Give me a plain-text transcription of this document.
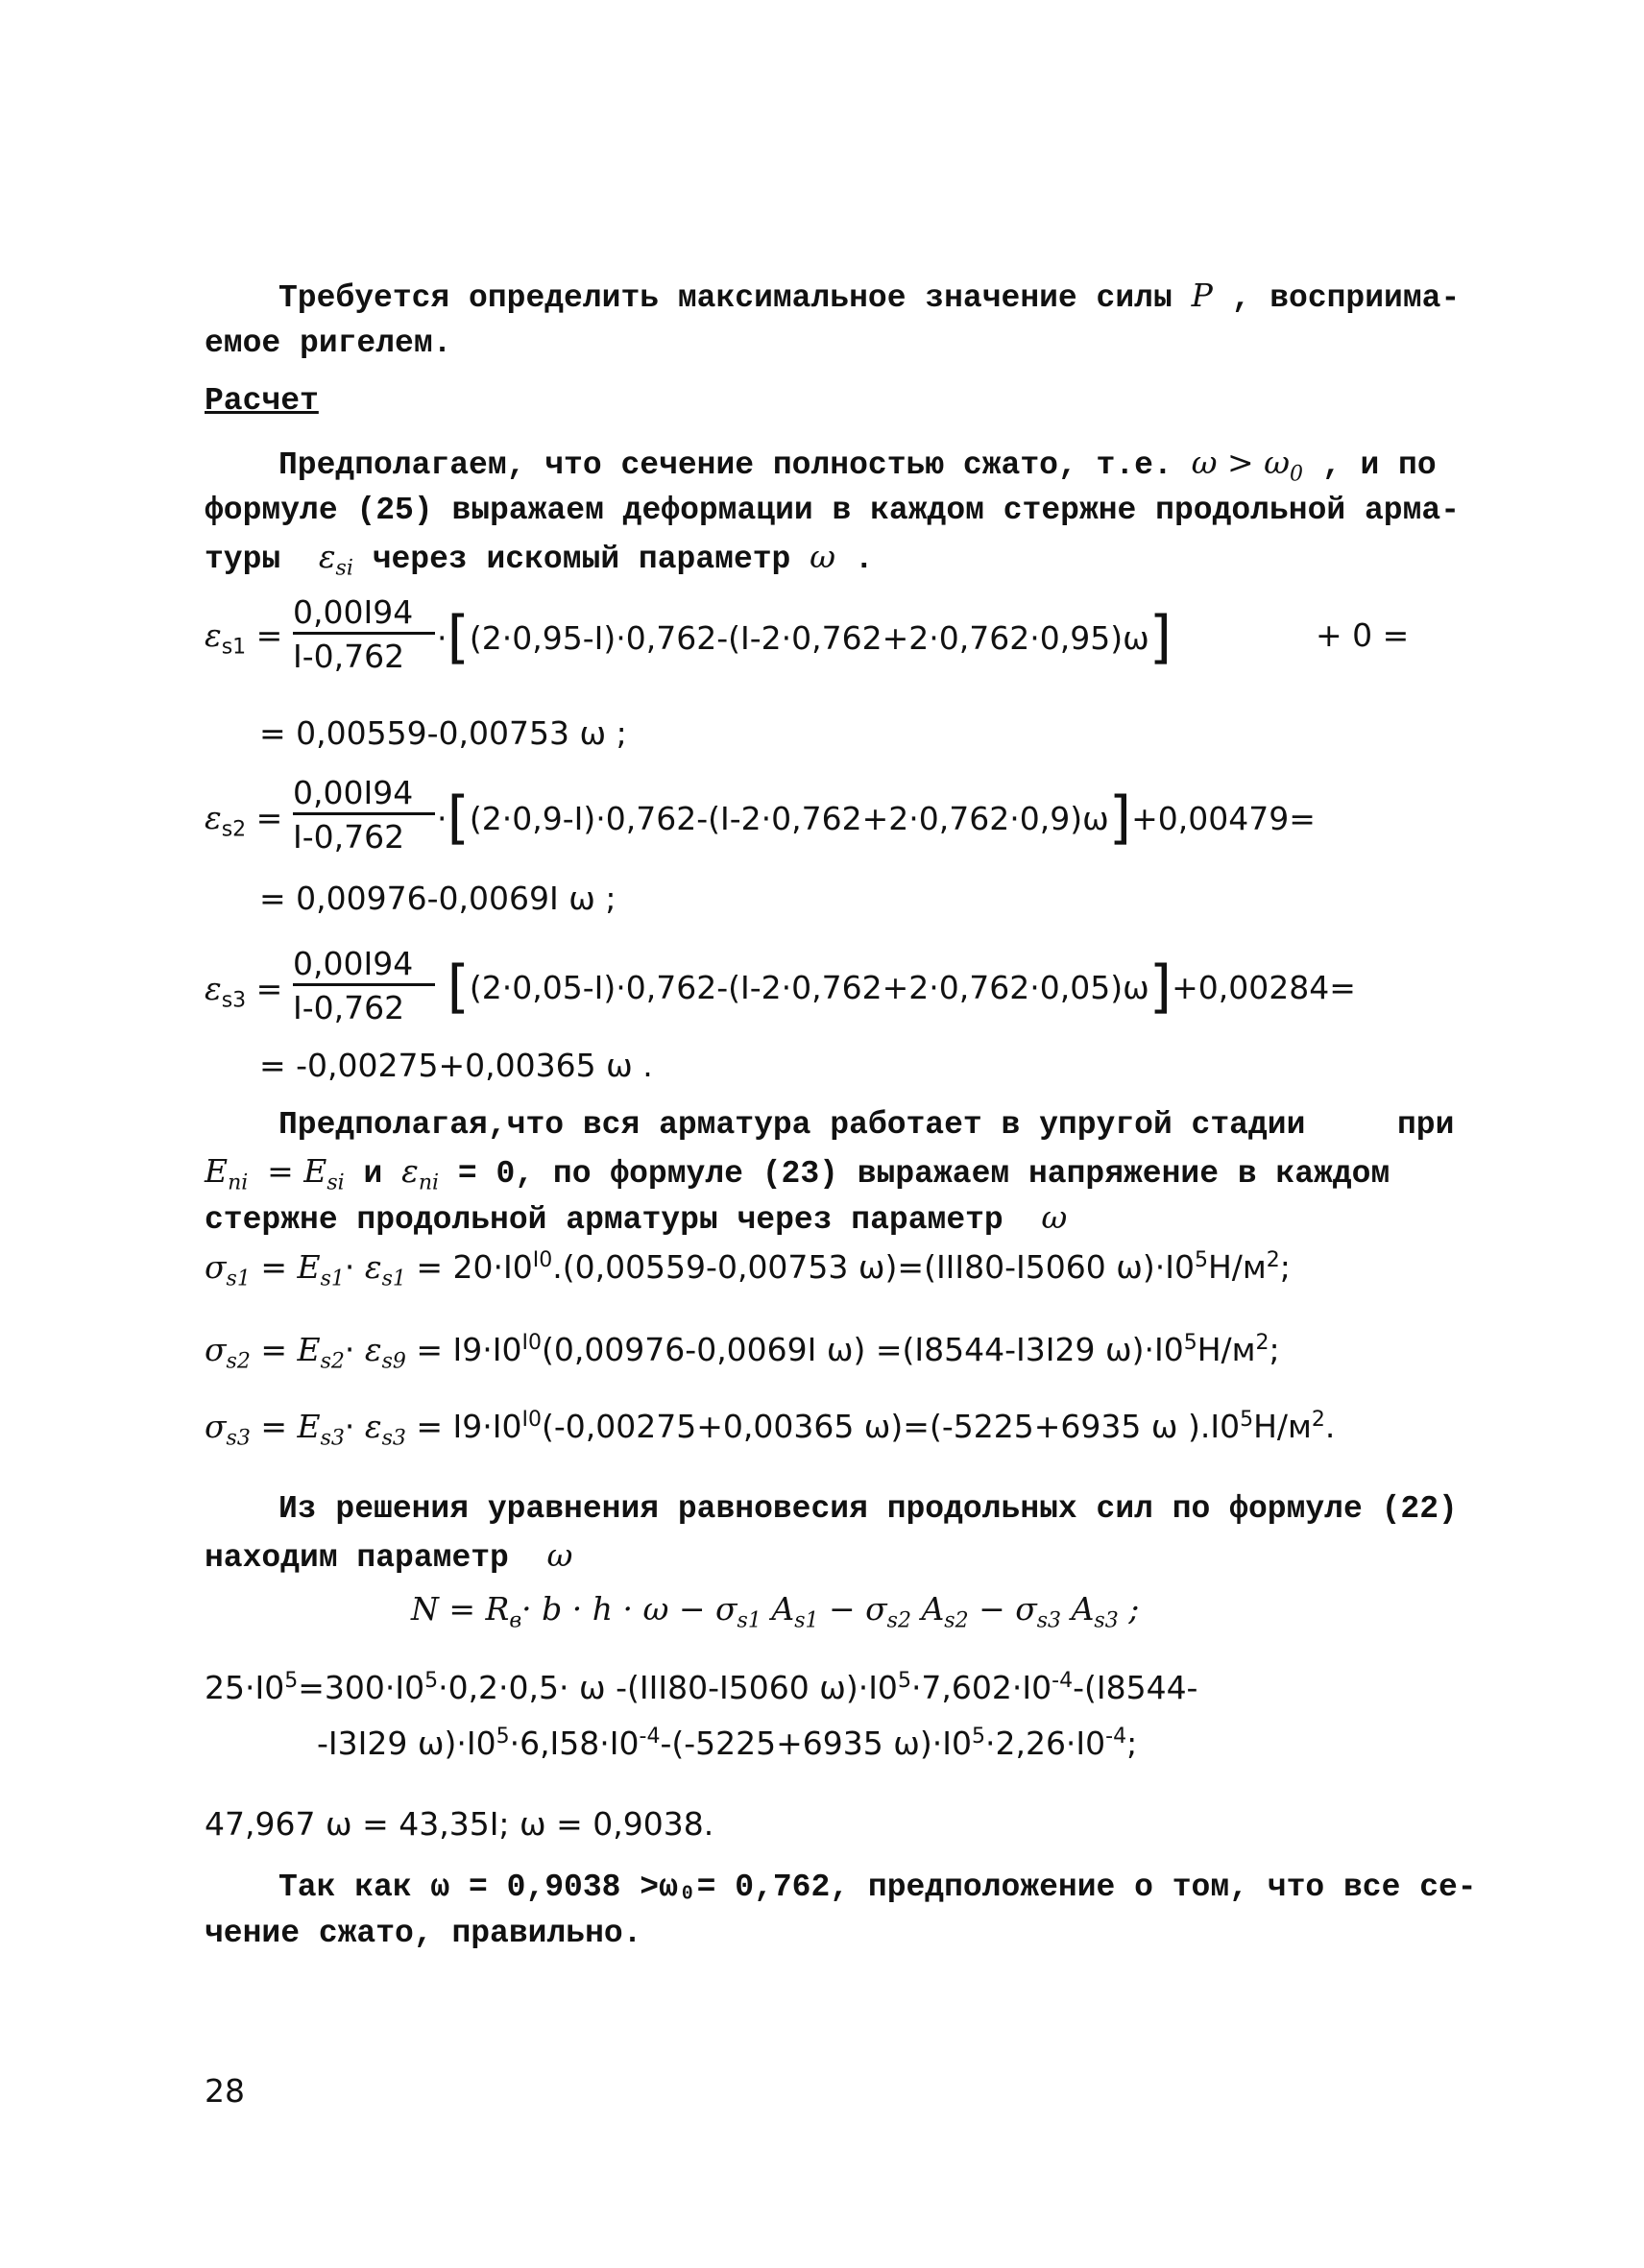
Требуется определить максимальное значение силы P , восприима-
емое ригелем.
Расчет
Предполагаем, что сечение полностью сжато, т.е. $\omega > \omega_0$ , и по
формуле (25) выражаем деформации в каждом стержне продольной арма-
туры $\varepsilon_{si}$ через искомый параметр ω .
$\varepsilon_{s1}$ =
0,00I94
I-0,762 ·[(2·0,95-I)·0,762-(I-2·0,762+2·0,762·0,95)ω]	+ 0 =
= 0,00559-0,00753 ω ;
$\varepsilon_{s2}$ =
0,00I94
I-0,762 ·[(2·0,9-I)·0,762-(I-2·0,762+2·0,762·0,9)ω]+0,00479=
= 0,00976-0,0069I ω ;
$\varepsilon_{s3}$ =
0,00I94
I-0,762 [(2·0,05-I)·0,762-(I-2·0,762+2·0,762·0,05)ω]+0,00284=
= -0,00275+0,00365 ω .
Предполагая,что вся арматура работает в упругой стадии	при
$E_{ni} = E_{si}$ и $\varepsilon_{ni} = 0$, по формуле (23) выражаем напряжение в каждом
стержне продольной арматуры через параметр ω
$\sigma_{s1} = E_{s1}\cdot \varepsilon_{s1} = 20\cdot I0^{I0}.(0,00559-0,00753$ ω)=(III80-I5060 $\omega)\cdot I0^5Н/м^2$;
$\sigma_{s2} = E_{s2}\cdot \varepsilon_{s9} = I9\cdot I0^{I0}(0,00976-0,0069I$ ω) =(I8544-I3I29 $\omega)\cdot I0^5Н/м^2$;
$\sigma_{s3} = E_{s3}\cdot \varepsilon_{s3} = I9\cdot I0^{I0}(-0,00275+0,00365$ ω)=(-5225+6935 ω )$.I0^5Н/м^2$.
Из решения уравнения равновесия продольных сил по формуле (22)
находим параметр ω
$N = R_в\cdot b \cdot h \cdot \omega - \sigma_{s1}$ $A_{s1} - \sigma_{s2}$ $A_{s2} - \sigma_{s3}$ $A_{s3}$ ;
$25\cdot I0^5=300\cdot I0^5\cdot 0,2\cdot 0,5\cdot \omega$ -(III80-I5060 $\omega)\cdot I0^5\cdot 7,602\cdot I0^{-4}-(I8544-$
-I3I29 $\omega)\cdot I0^5\cdot 6,I58\cdot I0^{-4}-(-5225+6935$ $\omega)\cdot I0^5\cdot 2,26\cdot I0^{-4}$;
47,967 ω = 43,35I; ω = 0,9038.
Так как ω = 0,9038 >ω₀= 0,762, предположение о том, что все се-
чение сжато, правильно.
28
